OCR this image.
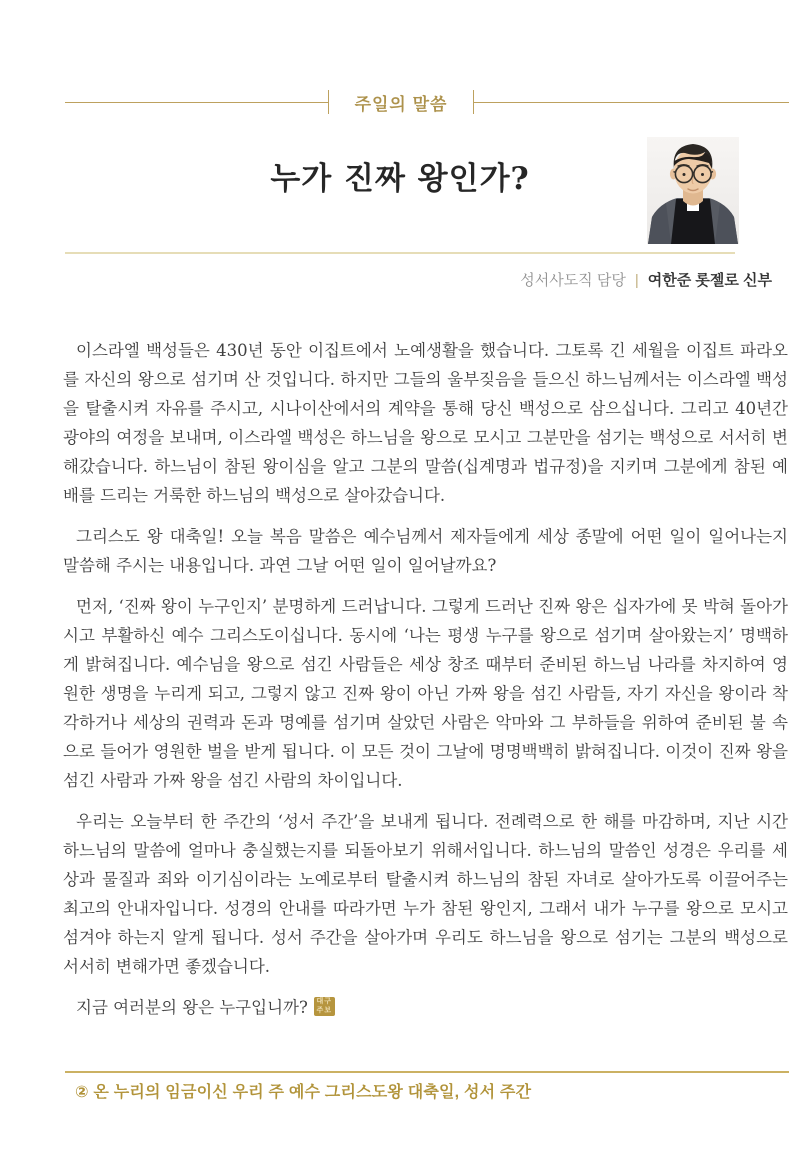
주일의 말씀
누가 진짜 왕인가?
성서사도직 담당 | 여한준 롯젤로 신부

이스라엘 백성들은 430년 동안 이집트에서 노예생활을 했습니다. 그토록 긴 세월을 이집트 파라오를 자신의 왕으로 섬기며 산 것입니다. 하지만 그들의 울부짖음을 들으신 하느님께서는 이스라엘 백성을 탈출시켜 자유를 주시고, 시나이산에서의 계약을 통해 당신 백성으로 삼으십니다. 그리고 40년간 광야의 여정을 보내며, 이스라엘 백성은 하느님을 왕으로 모시고 그분만을 섬기는 백성으로 서서히 변해갔습니다. 하느님이 참된 왕이심을 알고 그분의 말씀(십계명과 법규정)을 지키며 그분에게 참된 예배를 드리는 거룩한 하느님의 백성으로 살아갔습니다.

그리스도 왕 대축일! 오늘 복음 말씀은 예수님께서 제자들에게 세상 종말에 어떤 일이 일어나는지 말씀해 주시는 내용입니다. 과연 그날 어떤 일이 일어날까요?

먼저, ‘진짜 왕이 누구인지’ 분명하게 드러납니다. 그렇게 드러난 진짜 왕은 십자가에 못 박혀 돌아가시고 부활하신 예수 그리스도이십니다. 동시에 ‘나는 평생 누구를 왕으로 섬기며 살아왔는지’ 명백하게 밝혀집니다. 예수님을 왕으로 섬긴 사람들은 세상 창조 때부터 준비된 하느님 나라를 차지하여 영원한 생명을 누리게 되고, 그렇지 않고 진짜 왕이 아닌 가짜 왕을 섬긴 사람들, 자기 자신을 왕이라 착각하거나 세상의 권력과 돈과 명예를 섬기며 살았던 사람은 악마와 그 부하들을 위하여 준비된 불 속으로 들어가 영원한 벌을 받게 됩니다. 이 모든 것이 그날에 명명백백히 밝혀집니다. 이것이 진짜 왕을 섬긴 사람과 가짜 왕을 섬긴 사람의 차이입니다.

우리는 오늘부터 한 주간의 ‘성서 주간’을 보내게 됩니다. 전례력으로 한 해를 마감하며, 지난 시간 하느님의 말씀에 얼마나 충실했는지를 되돌아보기 위해서입니다. 하느님의 말씀인 성경은 우리를 세상과 물질과 죄와 이기심이라는 노예로부터 탈출시켜 하느님의 참된 자녀로 살아가도록 이끌어주는 최고의 안내자입니다. 성경의 안내를 따라가면 누가 참된 왕인지, 그래서 내가 누구를 왕으로 모시고 섬겨야 하는지 알게 됩니다. 성서 주간을 살아가며 우리도 하느님을 왕으로 섬기는 그분의 백성으로 서서히 변해가면 좋겠습니다.

지금 여러분의 왕은 누구입니까?	대구
주보

② 온 누리의 임금이신 우리 주 예수 그리스도왕 대축일, 성서 주간
